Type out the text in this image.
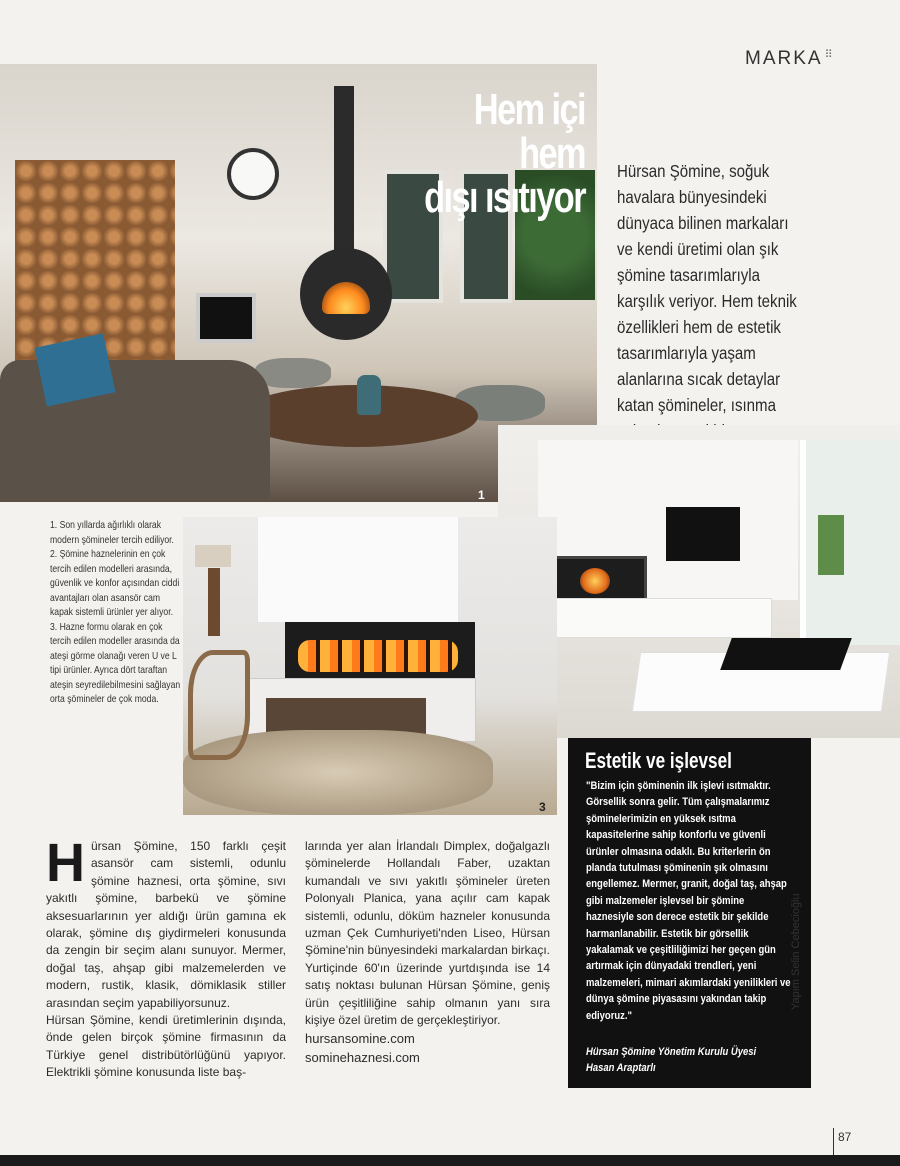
MARKA ⠿
Hem içi hem
dışı ısıtıyor
1
Hürsan Şömine, soğuk havalara bünyesindeki dünyaca bilinen markaları ve kendi üretimi olan şık şömine tasarımlarıyla karşılık veriyor. Hem teknik özellikleri hem de estetik tasarımlarıyla yaşam alanlarına sıcak detaylar katan şömineler, ısınma
3

1. Son yıllarda ağırlıklı olarak modern şömineler tercih ediliyor.

2. Şömine haznelerinin en çok tercih edilen modelleri arasında, güvenlik ve konfor açısından ciddi avantajları olan asansör cam kapak sistemli ürünler yer alıyor.

3. Hazne formu olarak en çok tercih edilen modeller arasında da ateşi görme olanağı veren U ve L tipi ürünler. Ayrıca dört taraftan ateşin seyredilebilmesini sağlayan orta şömineler de çok moda.

H ürsan Şömine, 150 farklı çeşit asansör cam sistemli, odunlu şömine haznesi, orta şömine, sıvı yakıtlı şömine, barbekü ve şömine aksesuarlarının yer aldığı ürün gamına ek olarak, şömine dış giydirmeleri konusunda da zengin bir seçim alanı sunuyor. Mermer, doğal taş, ahşap gibi malzemelerden ve modern, rustik, klasik, dömiklasik stiller arasından seçim yapabiliyorsunuz.

Hürsan Şömine, kendi üretimlerinin dışında, önde gelen birçok şömine firmasının da Türkiye genel distribütörlüğünü yapıyor. Elektrikli şömine konusunda liste baş-

larında yer alan İrlandalı Dimplex, doğalgazlı şöminelerde Hollandalı Faber, uzaktan kumandalı ve sıvı yakıtlı şömineler üreten Polonyalı Planica, yana açılır cam kapak sistemli, odunlu, döküm hazneler konusunda uzman Çek Cumhuriyeti'nden Liseo, Hürsan Şömine'nin bünyesindeki markalardan birkaçı. Yurtiçinde 60'ın üzerinde yurtdışında ise 14 satış noktası bulunan Hürsan Şömine, geniş ürün çeşitliliğine sahip olmanın yanı sıra kişiye özel üretim de gerçekleştiriyor.

hursansomine.com
sominehaznesi.com
Estetik ve işlevsel
"Bizim için şöminenin ilk işlevi ısıtmaktır. Görsellik sonra gelir. Tüm çalışmalarımız şöminelerimizin en yüksek ısıtma kapasitelerine sahip konforlu ve güvenli ürünler olmasına odaklı. Bu kriterlerin ön planda tutulması şöminenin şık olmasını engellemez. Mermer, granit, doğal taş, ahşap gibi malzemeler işlevsel bir şömine haznesiyle son derece estetik bir şekilde harmanlanabilir. Estetik bir görsellik yakalamak ve çeşitliliğimizi her geçen gün artırmak için dünyadaki trendleri, yeni malzemeleri, mimari akımlardaki yenilikleri ve dünya şömine piyasasını yakından takip ediyoruz."
Hürsan Şömine Yönetim Kurulu Üyesi
Hasan Araptarlı
Yapım Selin Cebecioğlu
87
